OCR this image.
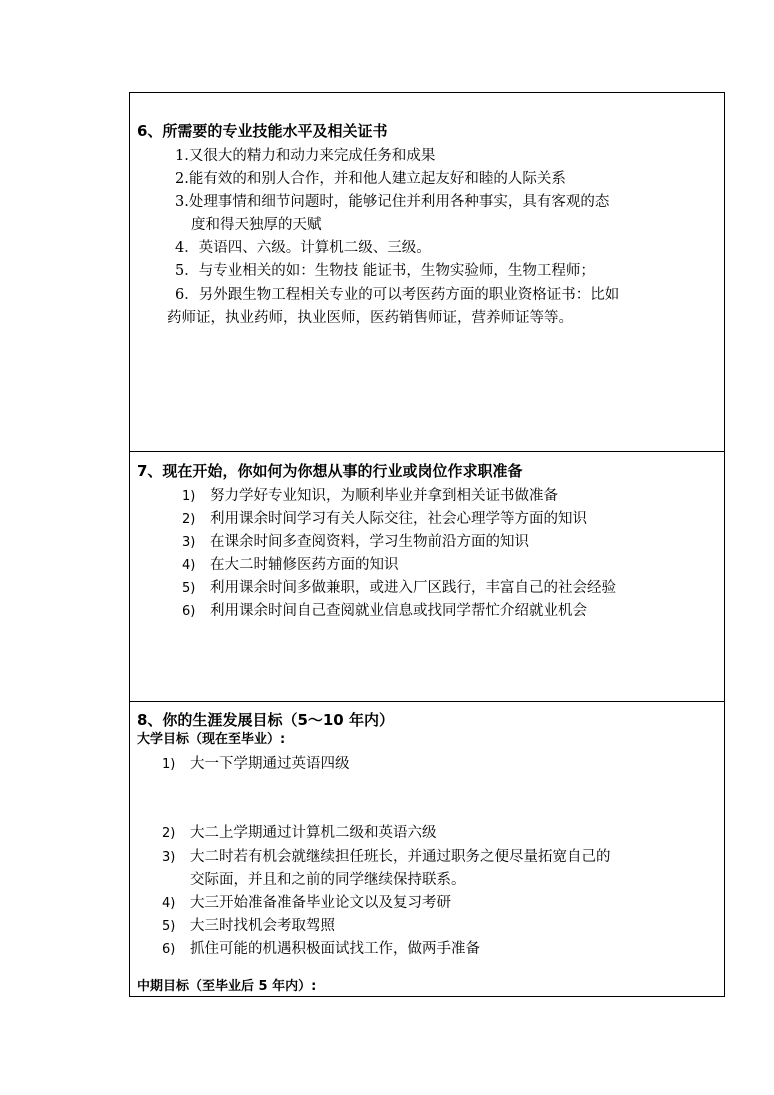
6、所需要的专业技能水平及相关证书
1.又很大的精力和动力来完成任务和成果
2.能有效的和别人合作，并和他人建立起友好和睦的人际关系
3.处理事情和细节问题时，能够记住并利用各种事实，具有客观的态
度和得天独厚的天赋
4．英语四、六级。计算机二级、三级。
5．与专业相关的如：生物技 能证书，生物实验师，生物工程师；
6．另外跟生物工程相关专业的可以考医药方面的职业资格证书：比如
药师证，执业药师，执业医师，医药销售师证，营养师证等等。
7、现在开始，你如何为你想从事的行业或岗位作求职准备
1) 努力学好专业知识，为顺利毕业并拿到相关证书做准备
2) 利用课余时间学习有关人际交往，社会心理学等方面的知识
3) 在课余时间多查阅资料，学习生物前沿方面的知识
4) 在大二时辅修医药方面的知识
5) 利用课余时间多做兼职，或进入厂区践行，丰富自己的社会经验
6) 利用课余时间自己查阅就业信息或找同学帮忙介绍就业机会
8、你的生涯发展目标（5～10 年内）
大学目标（现在至毕业）:
1) 大一下学期通过英语四级
2) 大二上学期通过计算机二级和英语六级
3) 大二时若有机会就继续担任班长，并通过职务之便尽量拓宽自己的
交际面，并且和之前的同学继续保持联系。
4) 大三开始准备准备毕业论文以及复习考研
5) 大三时找机会考取驾照
6) 抓住可能的机遇积极面试找工作，做两手准备
中期目标（至毕业后 5 年内）:
